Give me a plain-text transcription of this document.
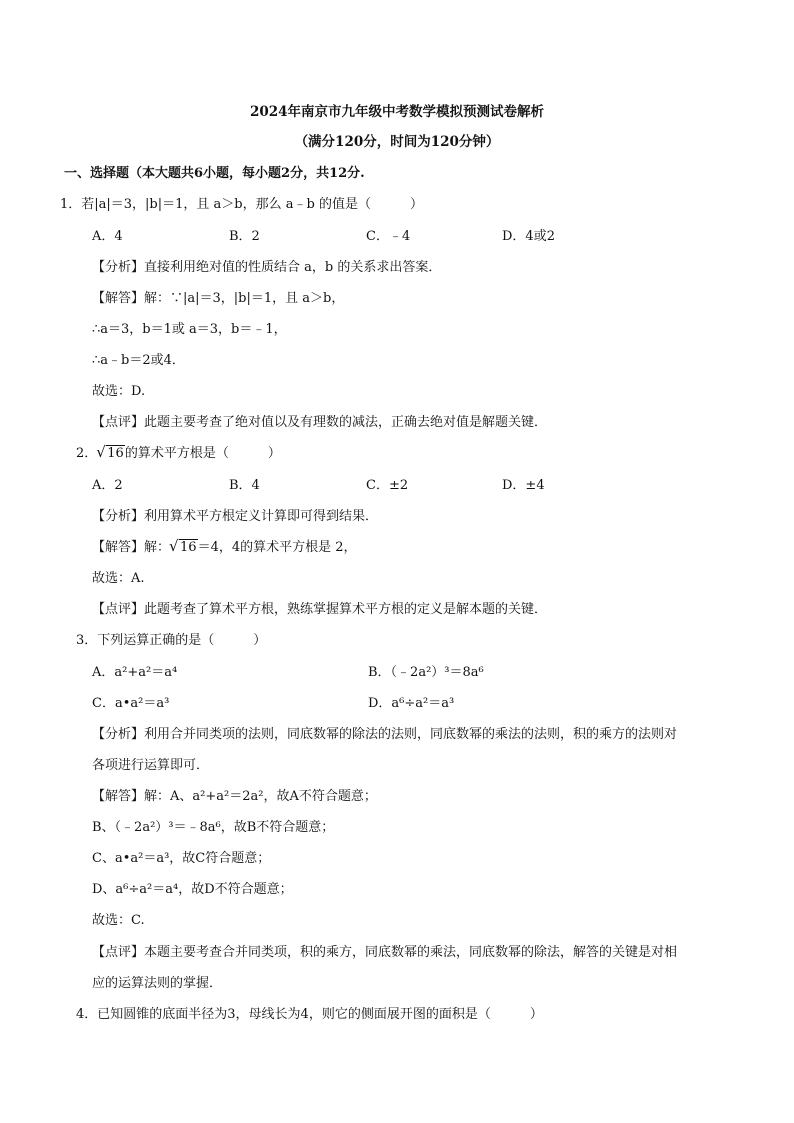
2024年南京市九年级中考数学模拟预测试卷解析
（满分120分，时间为120分钟）
一、选择题（本大题共6小题，每小题2分，共12分.
1．若|a|＝3，|b|＝1，且 a＞b，那么 a﹣b 的值是（　　　）
A．4	B．2	C．﹣4	D．4或2
【分析】直接利用绝对值的性质结合 a，b 的关系求出答案．
【解答】解：∵|a|＝3，|b|＝1，且 a＞b，
∴a＝3，b＝1或 a＝3，b＝﹣1，
∴a﹣b＝2或4．
故选：D.
【点评】此题主要考查了绝对值以及有理数的减法，正确去绝对值是解题关键．
2． √ 16的算术平方根是（　　　）
A．2	B．4	C．±2	D．±4
【分析】利用算术平方根定义计算即可得到结果．
【解答】解： √ 16＝4，4的算术平方根是 2，
故选：A.
【点评】此题考查了算术平方根，熟练掌握算术平方根的定义是解本题的关键．
3．下列运算正确的是（　　　）
A．a²+a²＝a⁴	B．（﹣2a²）³＝8a⁶
C．a•a²＝a³	D．a⁶÷a²＝a³
【分析】利用合并同类项的法则，同底数幂的除法的法则，同底数幂的乘法的法则，积的乘方的法则对
各项进行运算即可．
【解答】解：A、a²+a²＝2a²，故A不符合题意；
B、（﹣2a²）³＝﹣8a⁶，故B不符合题意；
C、a•a²＝a³，故C符合题意；
D、a⁶÷a²＝a⁴，故D不符合题意；
故选：C.
【点评】本题主要考查合并同类项，积的乘方，同底数幂的乘法，同底数幂的除法，解答的关键是对相
应的运算法则的掌握．
4．已知圆锥的底面半径为3，母线长为4，则它的侧面展开图的面积是（　　　）
